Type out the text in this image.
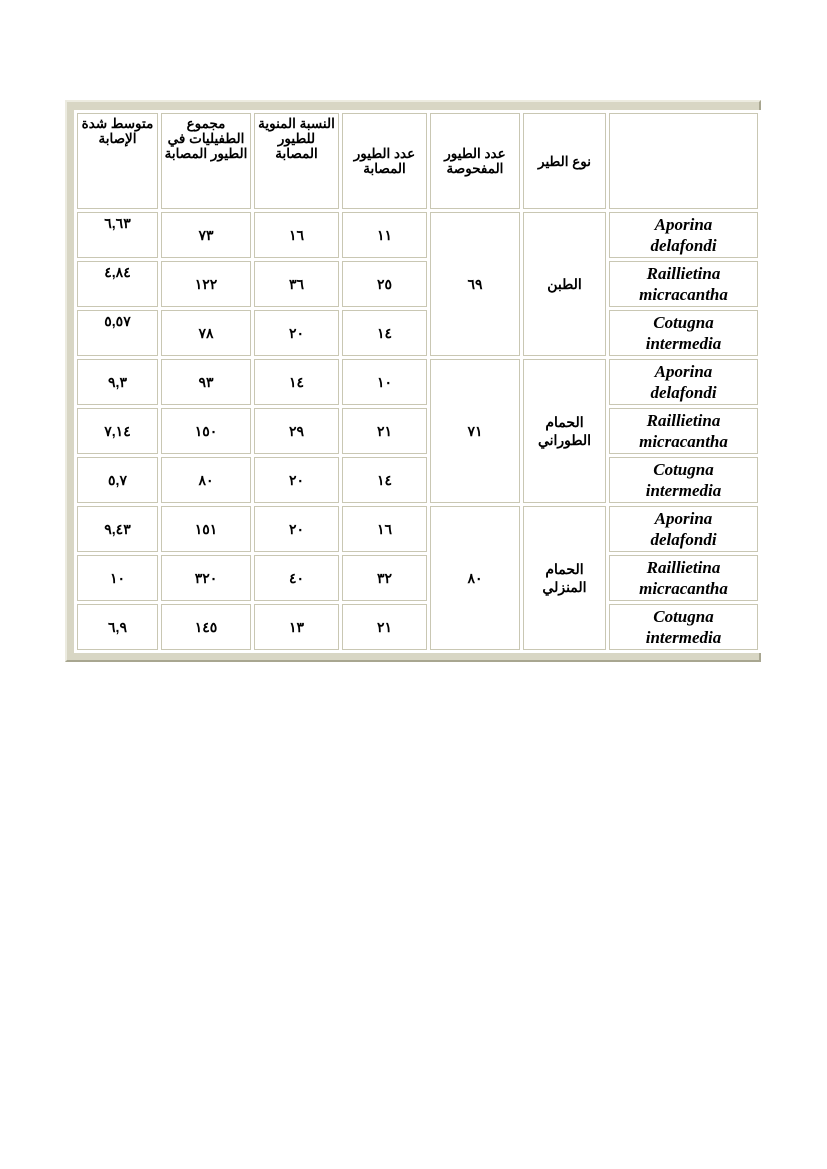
متوسط شدة الإصابة	مجموع الطفيليات في الطيور المصابة	النسبة المنوية للطيور المصابة	عدد الطيور المصابة	عدد الطيور المفحوصة	نوع الطير	
٦,٦٣	٧٣	١٦	١١	٦٩	الطبن	Aporina
delafondi
٤,٨٤	١٢٢	٣٦	٢٥			Raillietina
micracantha
٥,٥٧	٧٨	٢٠	١٤			Cotugna
intermedia
٩,٣	٩٣	١٤	١٠	٧١	الحمام الطوراني	Aporina
delafondi
٧,١٤	١٥٠	٢٩	٢١			Raillietina
micracantha
٥,٧	٨٠	٢٠	١٤			Cotugna
intermedia
٩,٤٣	١٥١	٢٠	١٦	٨٠	الحمام المنزلي	Aporina
delafondi
١٠	٣٢٠	٤٠	٣٢			Raillietina
micracantha
٦,٩	١٤٥	١٣	٢١			Cotugna
intermedia
